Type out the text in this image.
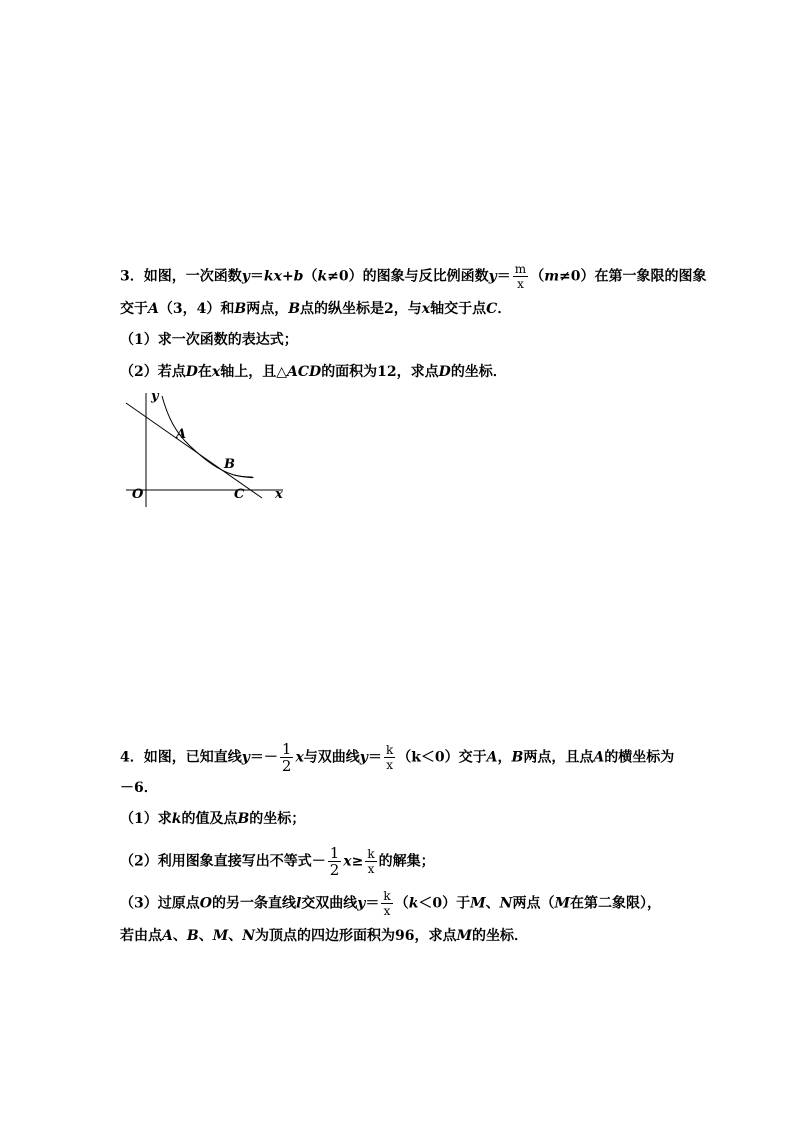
3．如图，一次函数y＝kx+b（k≠0）的图象与反比例函数$y= \frac{m}{x} (m\ne 0)$在第一象限的图象
交于A（3，4）和B两点，B点的纵坐标是2，与x轴交于点C．
（1）求一次函数的表达式；
（2）若点D在x轴上，且△ACD的面积为12，求点D的坐标．
y
A
B
O	C x
4．如图，已知直线$y=- \frac{1}{2}$ x与双曲线$y= \frac{k}{x} (k<0)$交于A，B两点，且点A的横坐标为
－6．
（1）求k的值及点B的坐标；
（2）利用图象直接写出不等式－ $\frac{1}{2} x\ge \frac{k}{x}$ 的解集；
（3）过原点O的另一条直线l交双曲线$y= \frac{k}{x} (k<0)$于M、N两点（M在第二象限），
若由点A、B、M、N为顶点的四边形面积为96，求点M的坐标．
